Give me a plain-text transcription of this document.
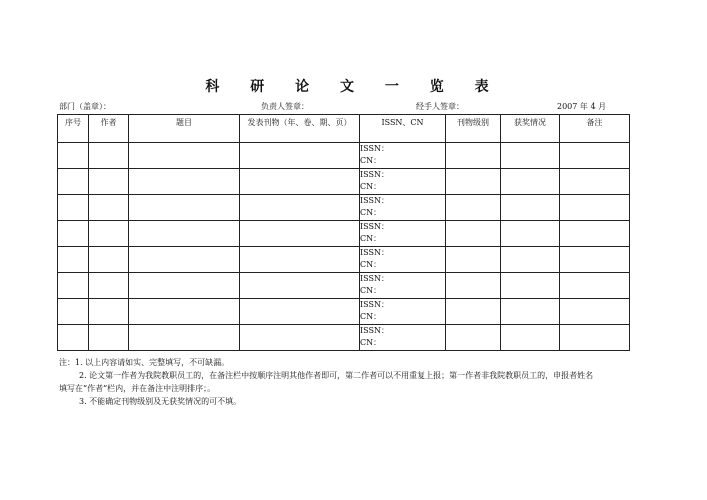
科 研 论 文 一 览 表
部门（盖章）：	负责人签章：	经手人签章：	2007 年 4 月
序号	作者	题目	发表刊物（年、卷、期、页）	ISSN、CN	刊物级别	获奖情况	备注

				ISSN：
CN：			

				ISSN：
CN：			

				ISSN：
CN：			

				ISSN：
CN：			

				ISSN：
CN：			

				ISSN：
CN：			

				ISSN：
CN：			

				ISSN：
CN：			

注：1. 以上内容请如实、完整填写，不可缺漏。

2. 论文第一作者为我院教职员工的，在备注栏中按顺序注明其他作者即可，第二作者可以不用重复上报；第一作者非我院教职员工的，申报者姓名

填写在“作者”栏内，并在备注中注明排序；。

3. 不能确定刊物级别及无获奖情况的可不填。
